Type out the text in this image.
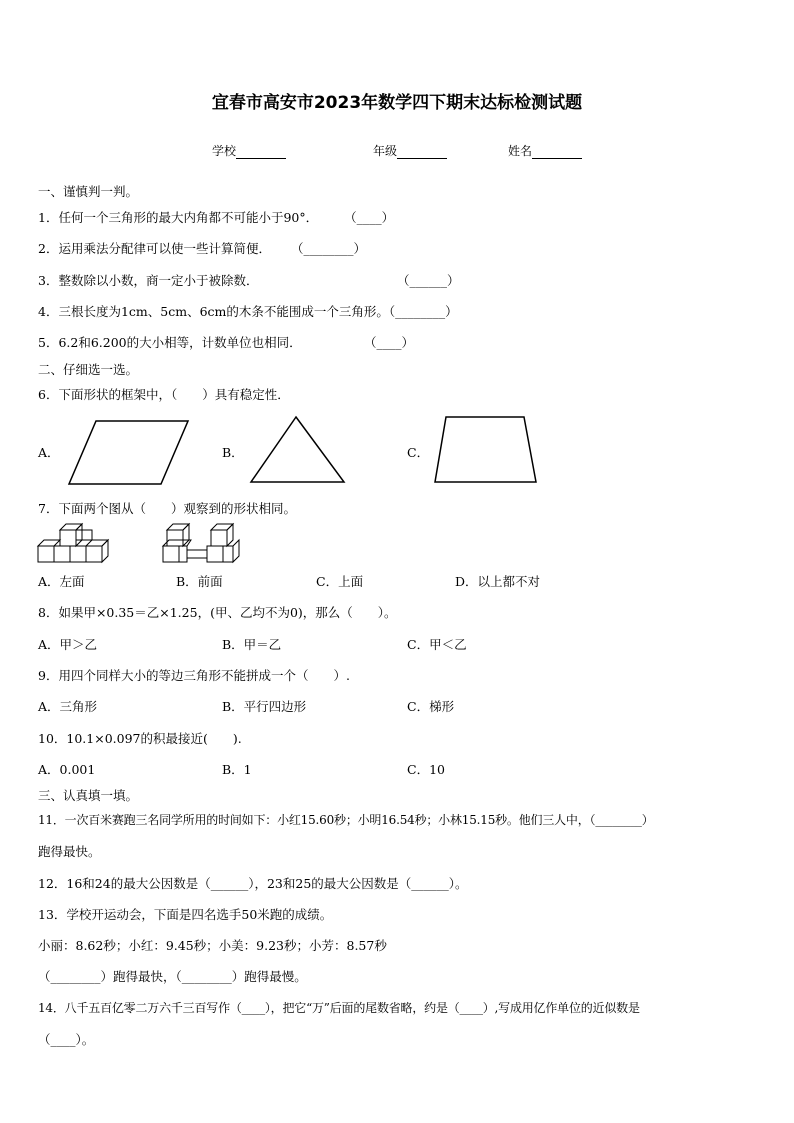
宜春市高安市2023年数学四下期末达标检测试题
学校	年级	姓名
一、谨慎判一判。
1．任何一个三角形的最大内角都不可能小于90°． （____）
2．运用乘法分配律可以使一些计算简便． （________）
3．整数除以小数，商一定小于被除数．	（______）
4．三根长度为1cm、5cm、6cm的木条不能围成一个三角形。（________）
5．6.2和6.200的大小相等，计数单位也相同．	（____）
二、仔细选一选。
6．下面形状的框架中，（　　）具有稳定性．
A．	B．	C．
7．下面两个图从（　　）观察到的形状相同。
A．左面	B．前面	C．上面	D．以上都不对
8．如果甲×0.35＝乙×1.25，(甲、乙均不为0)，那么（　　）。
A．甲＞乙	B．甲＝乙	C．甲＜乙
9．用四个同样大小的等边三角形不能拼成一个（　　）.
A．三角形	B．平行四边形	C．梯形
10．10.1×0.097的积最接近(　　).
A．0.001	B．1	C．10
三、认真填一填。
11．一次百米赛跑三名同学所用的时间如下：小红15.60秒；小明16.54秒；小林15.15秒。他们三人中，（________）
跑得最快。
12．16和24的最大公因数是（______），23和25的最大公因数是（______）。
13．学校开运动会，下面是四名选手50米跑的成绩。
小丽：8.62秒；小红：9.45秒；小美：9.23秒；小芳：8.57秒
（________）跑得最快，（________）跑得最慢。
14．八千五百亿零二万六千三百写作（____），把它“万”后面的尾数省略，约是（____）,写成用亿作单位的近似数是
（____）。
